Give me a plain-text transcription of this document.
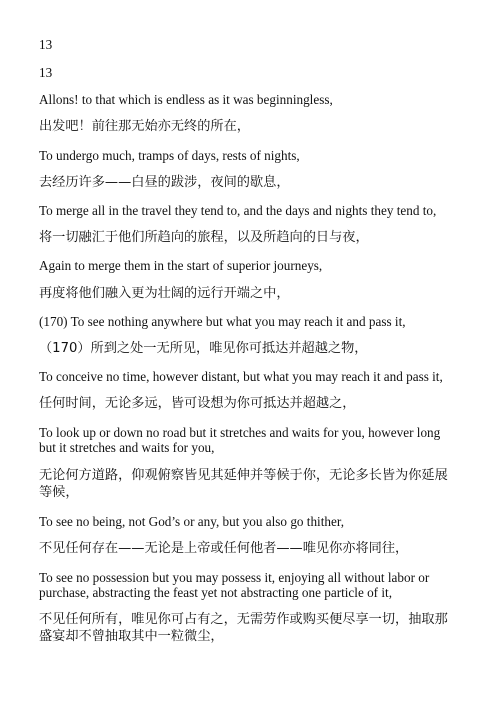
13

13

Allons! to that which is endless as it was beginningless,

出发吧！前往那无始亦无终的所在，

To undergo much, tramps of days, rests of nights,

去经历许多——白昼的跋涉，夜间的歇息，

To merge all in the travel they tend to, and the days and nights they tend to,

将一切融汇于他们所趋向的旅程，以及所趋向的日与夜，

Again to merge them in the start of superior journeys,

再度将他们融入更为壮阔的远行开端之中，

(170) To see nothing anywhere but what you may reach it and pass it,

（170）所到之处一无所见，唯见你可抵达并超越之物，

To conceive no time, however distant, but what you may reach it and pass it,

任何时间，无论多远，皆可设想为你可抵达并超越之，

To look up or down no road but it stretches and waits for you, however long but it stretches and waits for you,

无论何方道路，仰观俯察皆见其延伸并等候于你，无论多长皆为你延展等候，

To see no being, not God’s or any, but you also go thither,

不见任何存在——无论是上帝或任何他者——唯见你亦将同往，

To see no possession but you may possess it, enjoying all without labor or purchase, abstracting the feast yet not abstracting one particle of it,

不见任何所有，唯见你可占有之，无需劳作或购买便尽享一切，抽取那盛宴却不曾抽取其中一粒微尘，
